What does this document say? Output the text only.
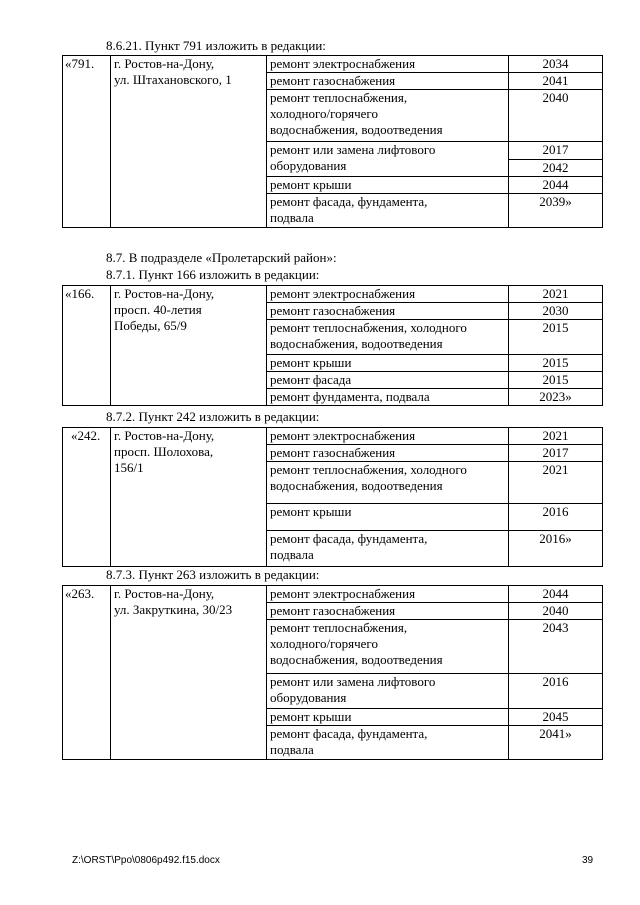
8.6.21. Пункт 791 изложить в редакции:
«791.	г. Ростов-на-Дону,
ул. Штахановского, 1	ремонт электроснабжения	2034
		ремонт газоснабжения	2041

		ремонт теплоснабжения,
холодного/горячего
водоснабжения, водоотведения	2040

		ремонт или замена лифтового
оборудования	2017
			2042
		ремонт крыши	2044

		ремонт фасада, фундамента,
подвала	2039»
8.7. В подразделе «Пролетарский район»:
8.7.1. Пункт 166 изложить в редакции:
«166.	г. Ростов-на-Дону,
просп. 40-летия
Победы, 65/9	ремонт электроснабжения	2021
		ремонт газоснабжения	2030

		ремонт теплоснабжения, холодного
водоснабжения, водоотведения	2015
		ремонт крыши	2015
		ремонт фасада	2015
		ремонт фундамента, подвала	2023»
8.7.2. Пункт 242 изложить в редакции:
«242.	г. Ростов-на-Дону,
просп. Шолохова,
156/1	ремонт электроснабжения	2021
		ремонт газоснабжения	2017

		ремонт теплоснабжения, холодного
водоснабжения, водоотведения	2021
		ремонт крыши	2016

		ремонт фасада, фундамента,
подвала	2016»
8.7.3. Пункт 263 изложить в редакции:
«263.	г. Ростов-на-Дону,
ул. Закруткина, 30/23	ремонт электроснабжения	2044
		ремонт газоснабжения	2040

		ремонт теплоснабжения,
холодного/горячего
водоснабжения, водоотведения	2043

		ремонт или замена лифтового
оборудования	2016
		ремонт крыши	2045

		ремонт фасада, фундамента,
подвала	2041»
Z:\ORST\Ppo\0806p492.f15.docx	39
